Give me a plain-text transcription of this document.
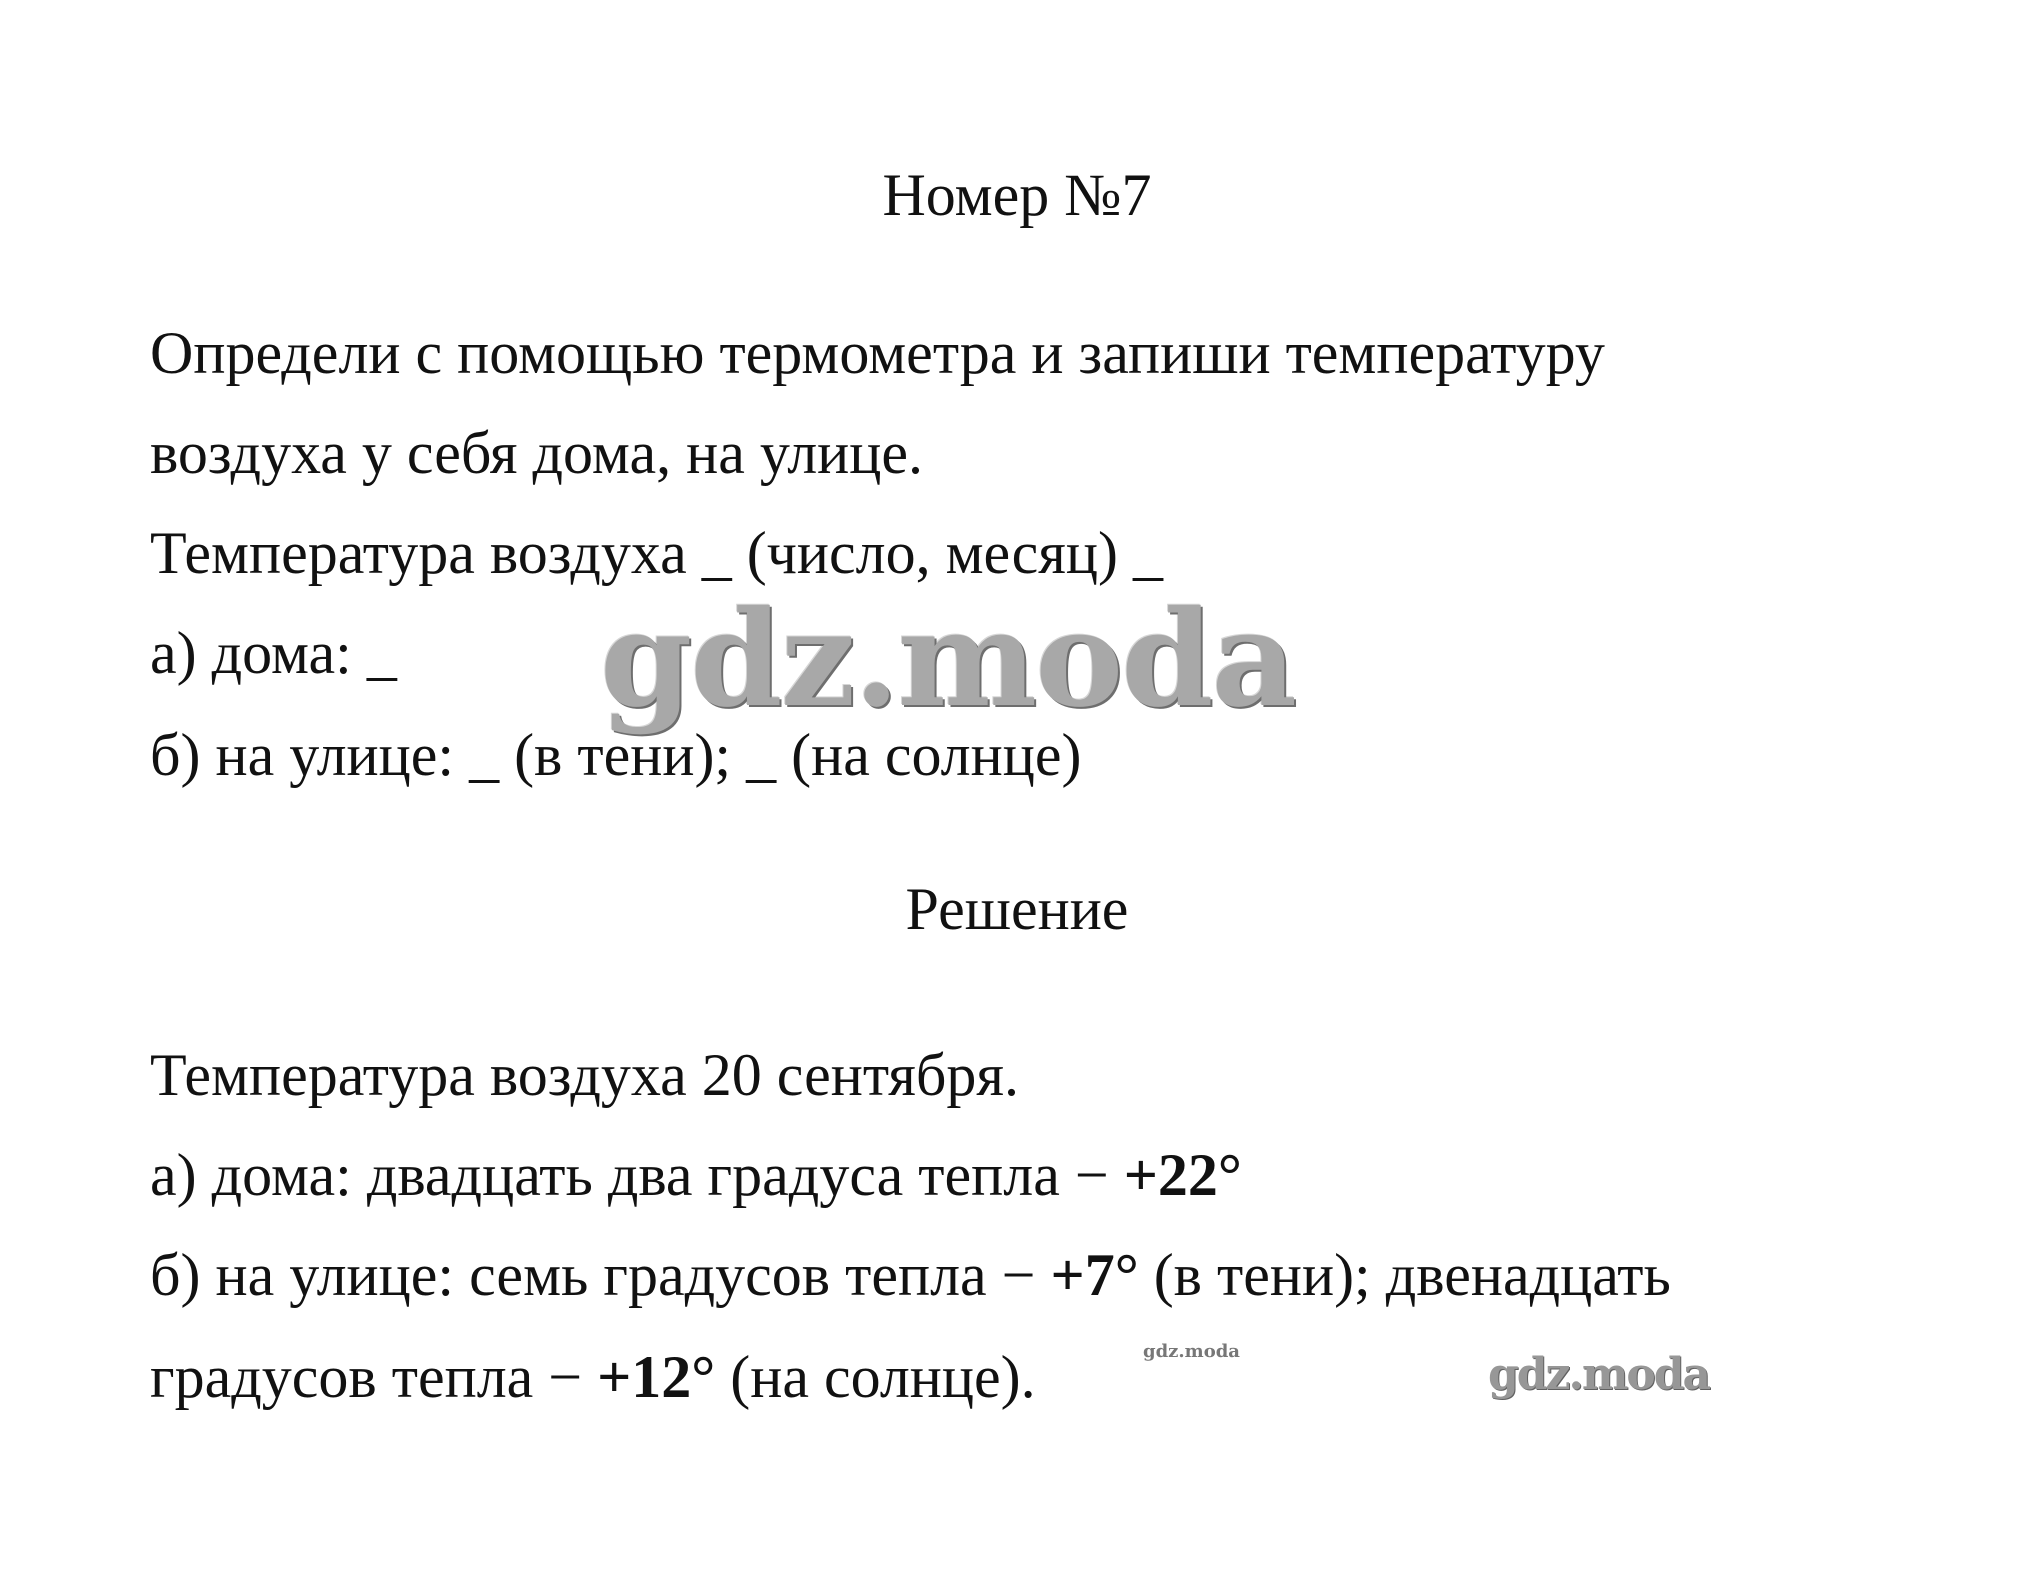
Номер №7
Определи с помощью термометра и запиши температуру
воздуха у себя дома, на улице.
Температура воздуха _ (число, месяц) _
а) дома: _
б) на улице: _ (в тени); _ (на солнце)
Решение
Температура воздуха 20 сентября.
а) дома: двадцать два градуса тепла − +22°
б) на улице: семь градусов тепла − +7° (в тени); двенадцать
градусов тепла − +12° (на солнце).
gdz.moda
gdz.moda	gdz.moda
